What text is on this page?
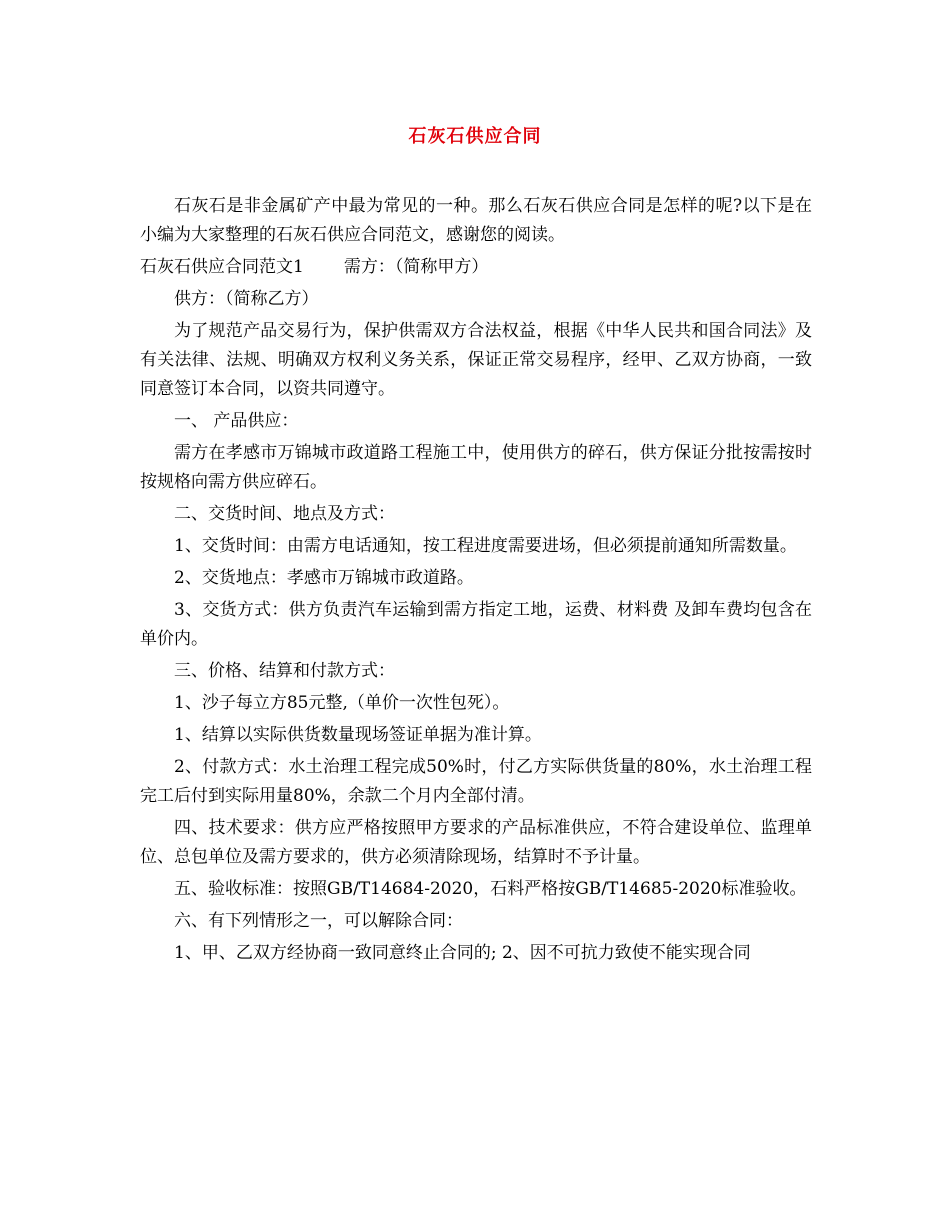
石灰石供应合同

石灰石是非金属矿产中最为常见的一种。那么石灰石供应合同是怎样的呢?以下是在小编为大家整理的石灰石供应合同范文，感谢您的阅读。

石灰石供应合同范文1 需方：（简称甲方）

供方：（简称乙方）

为了规范产品交易行为，保护供需双方合法权益，根据《中华人民共和国合同法》及有关法律、法规、明确双方权利义务关系，保证正常交易程序，经甲、乙双方协商，一致同意签订本合同，以资共同遵守。

一、 产品供应：

需方在孝感市万锦城市政道路工程施工中，使用供方的碎石，供方保证分批按需按时按规格向需方供应碎石。

二、交货时间、地点及方式：

1、交货时间：由需方电话通知，按工程进度需要进场，但必须提前通知所需数量。

2、交货地点：孝感市万锦城市政道路。

3、交货方式：供方负责汽车运输到需方指定工地，运费、材料费 及卸车费均包含在单价内。

三、价格、结算和付款方式：

1、沙子每立方85元整,（单价一次性包死）。

1、结算以实际供货数量现场签证单据为准计算。

2、付款方式：水土治理工程完成50%时，付乙方实际供货量的80%，水土治理工程完工后付到实际用量80%，余款二个月内全部付清。

四、技术要求：供方应严格按照甲方要求的产品标准供应，不符合建设单位、监理单位、总包单位及需方要求的，供方必须清除现场，结算时不予计量。

五、验收标准：按照GB/T14684-2020，石料严格按GB/T14685-2020标准验收。

六、有下列情形之一，可以解除合同：

1、甲、乙双方经协商一致同意终止合同的; 2、因不可抗力致使不能实现合同
